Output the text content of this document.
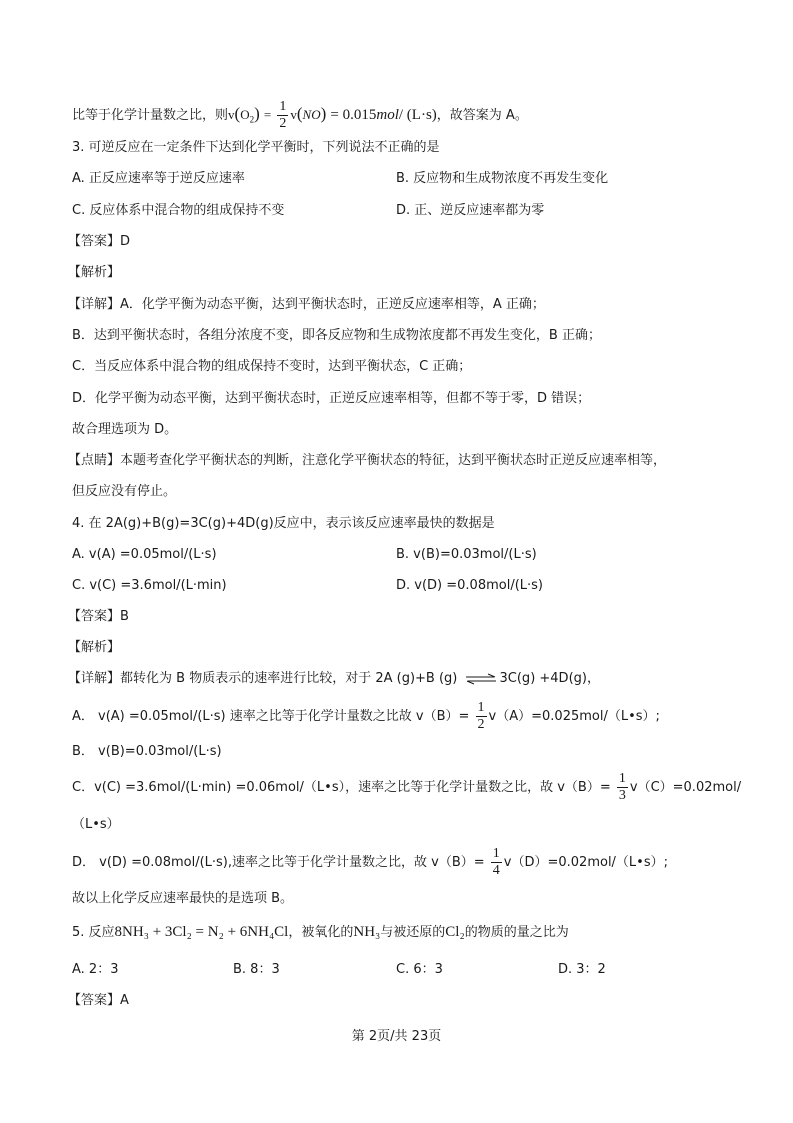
比等于化学计量数之比，则$v(O_2) = \frac{1}{2} v(NO) = 0.015mol/$ (L·s)，故答案为 A。
3. 可逆反应在一定条件下达到化学平衡时，下列说法不正确的是
A. 正反应速率等于逆反应速率	B. 反应物和生成物浓度不再发生变化
C. 反应体系中混合物的组成保持不变	D. 正、逆反应速率都为零
【答案】D
【解析】
【详解】A．化学平衡为动态平衡，达到平衡状态时，正逆反应速率相等，A 正确；
B．达到平衡状态时，各组分浓度不变，即各反应物和生成物浓度都不再发生变化，B 正确；
C．当反应体系中混合物的组成保持不变时，达到平衡状态，C 正确；
D．化学平衡为动态平衡，达到平衡状态时，正逆反应速率相等，但都不等于零，D 错误；
故合理选项为 D。
【点睛】本题考查化学平衡状态的判断，注意化学平衡状态的特征，达到平衡状态时正逆反应速率相等，
但反应没有停止。
4. 在 2A(g)+B(g)=3C(g)+4D(g)反应中，表示该反应速率最快的数据是
A. v(A) =0.05mol/(L·s)	B. v(B)=0.03mol/(L·s)
C. v(C) =3.6mol/(L·min)	D. v(D) =0.08mol/(L·s)
【答案】B
【解析】
【详解】都转化为 B 物质表示的速率进行比较，对于 2A (g)+B (g) ⇌ 3C(g) +4D(g)，
A． v(A) =0.05mol/(L·s) 速率之比等于化学计量数之比故 $v(B)= \frac{1}{2}$ v（A）=0.025mol/（L•s）;
B． v(B)=0.03mol/(L·s)
C．v(C) =3.6mol/(L·min) =0.06mol/（L•s），速率之比等于化学计量数之比，故 $v(B)= \frac{1}{3} v(C)=0.02mol/$
（L•s）
D． v(D) =0.08mol/(L·s),速率之比等于化学计量数之比，故 $v(B)= \frac{1}{4}$ v（D）=0.02mol/（L•s）;
故以上化学反应速率最快的是选项 B。
5. 反应8NH₃ + 3Cl₂ = N₂ + 6NH₄Cl，被氧化的NH₃与被还原的Cl₂的物质的量之比为
A. 2：3	B. 8：3	C. 6：3	D. 3：2
【答案】A
第 2页/共 23页
